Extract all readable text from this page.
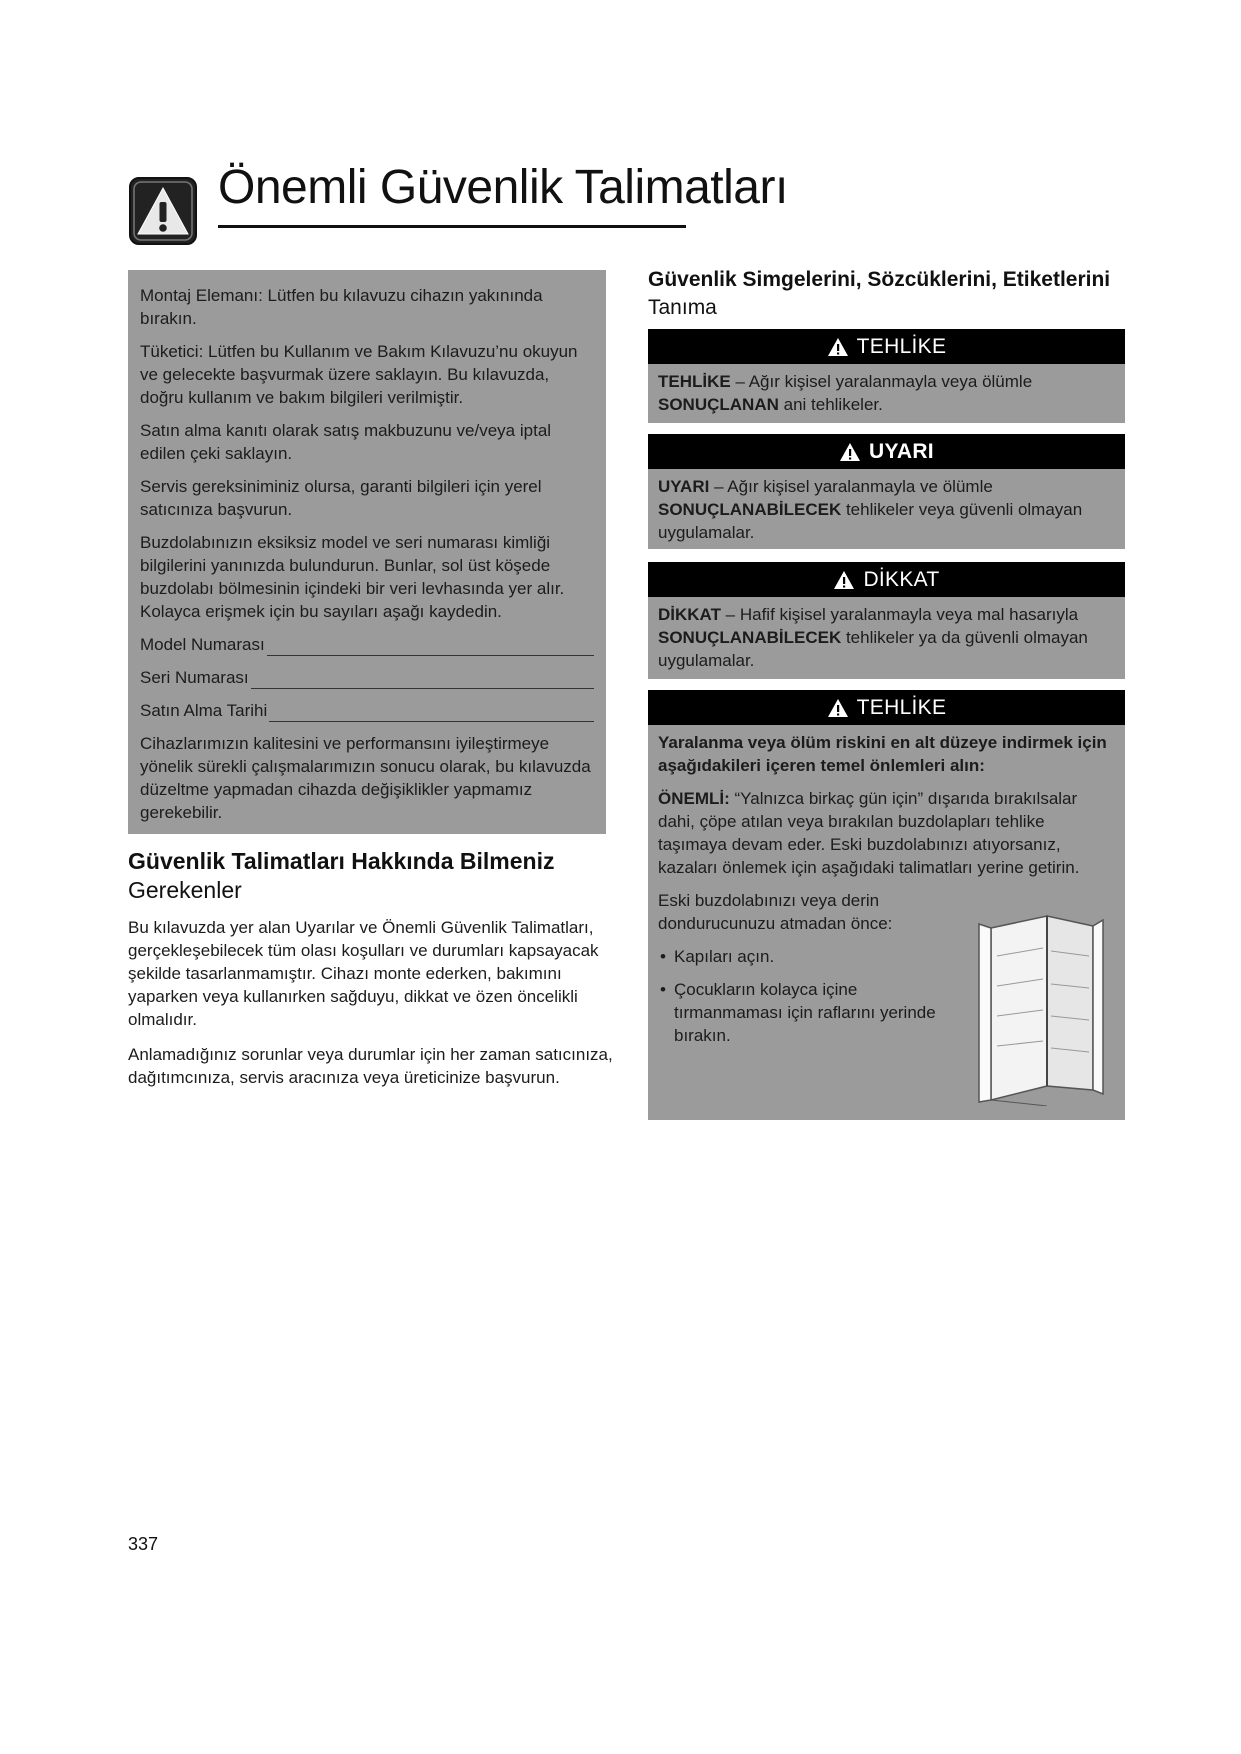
Önemli Güvenlik Talimatları

Montaj Elemanı: Lütfen bu kılavuzu cihazın yakınında bırakın.

Tüketici: Lütfen bu Kullanım ve Bakım Kılavuzu’nu okuyun ve gelecekte başvurmak üzere saklayın. Bu kılavuzda, doğru kullanım ve bakım bilgileri verilmiştir.

Satın alma kanıtı olarak satış makbuzunu ve/veya iptal edilen çeki saklayın.

Servis gereksiniminiz olursa, garanti bilgileri için yerel satıcınıza başvurun.

Buzdolabınızın eksiksiz model ve seri numarası kimliği bilgilerini yanınızda bulundurun. Bunlar, sol üst köşede buzdolabı bölmesinin içindeki bir veri levhasında yer alır. Kolayca erişmek için bu sayıları aşağı kaydedin.

Model Numarası
Seri Numarası
Satın Alma Tarihi

Cihazlarımızın kalitesini ve performansını iyileştirmeye yönelik sürekli çalışmalarımızın sonucu olarak, bu kılavuzda düzeltme yapmadan cihazda değişiklikler yapmamız gerekebilir.

Güvenlik Talimatları Hakkında Bilmeniz
Gerekenler

Bu kılavuzda yer alan Uyarılar ve Önemli Güvenlik Talimatları, gerçekleşebilecek tüm olası koşulları ve durumları kapsayacak şekilde tasarlanmamıştır. Cihazı monte ederken, bakımını yaparken veya kullanırken sağduyu, dikkat ve özen öncelikli olmalıdır.

Anlamadığınız sorunlar veya durumlar için her zaman satıcınıza, dağıtımcınıza, servis aracınıza veya üreticinize başvurun.

Güvenlik Simgelerini, Sözcüklerini, Etiketlerini
Tanıma
TEHLİKE
TEHLİKE – Ağır kişisel yaralanmayla veya ölümle
SONUÇLANAN ani tehlikeler.
UYARI
UYARI – Ağır kişisel yaralanmayla ve ölümle
SONUÇLANABİLECEK tehlikeler veya güvenli olmayan uygulamalar.
DİKKAT
DİKKAT – Hafif kişisel yaralanmayla veya mal hasarıyla
SONUÇLANABİLECEK tehlikeler ya da güvenli olmayan uygulamalar.
TEHLİKE

Yaralanma veya ölüm riskini en alt düzeye indirmek için aşağıdakileri içeren temel önlemleri alın:

ÖNEMLİ: “Yalnızca birkaç gün için” dışarıda bırakılsalar dahi, çöpe atılan veya bırakılan buzdolapları tehlike taşımaya devam eder. Eski buzdolabınızı atıyorsanız, kazaları önlemek için aşağıdaki talimatları yerine getirin.

Eski buzdolabınızı veya derin dondurucunuzu atmadan önce:

• Kapıları açın.
• Çocukların kolayca içine tırmanmaması için raflarını yerinde bırakın.
337
